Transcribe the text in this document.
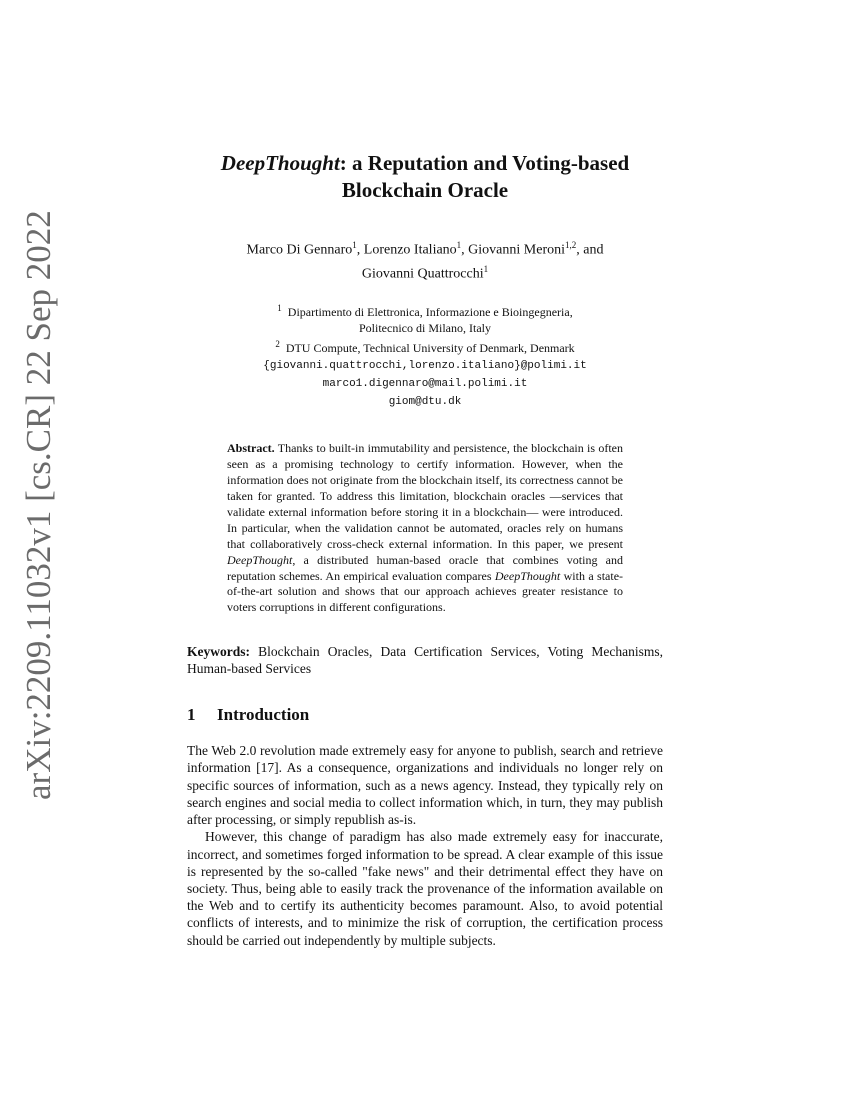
arXiv:2209.11032v1 [cs.CR] 22 Sep 2022
DeepThought: a Reputation and Voting-based
Blockchain Oracle
Marco Di Gennaro$^1$, Lorenzo Italiano$^1$, Giovanni Meroni$^{1,2}$, and
Giovanni Quattrocchi$^1$
$^1$ Dipartimento di Elettronica, Informazione e Bioingegneria,
Politecnico di Milano, Italy
$^2$ DTU Compute, Technical University of Denmark, Denmark
{giovanni.quattrocchi,lorenzo.italiano}@polimi.it
marco1.digennaro@mail.polimi.it
giom@dtu.dk
Abstract. Thanks to built-in immutability and persistence, the blockchain is often seen as a promising technology to certify information. However, when the information does not originate from the blockchain itself, its correctness cannot be taken for granted. To address this limitation, blockchain oracles —services that validate external information before storing it in a blockchain— were introduced. In particular, when the validation cannot be automated, oracles rely on humans that collaboratively cross-check external information. In this paper, we present DeepThought, a distributed human-based oracle that combines voting and reputation schemes. An empirical evaluation compares DeepThought with a state-of-the-art solution and shows that our approach achieves greater resistance to voters corruptions in different configurations.
Keywords: Blockchain Oracles, Data Certification Services, Voting Mechanisms, Human-based Services
1 Introduction

The Web 2.0 revolution made extremely easy for anyone to publish, search and retrieve information [17]. As a consequence, organizations and individuals no longer rely on specific sources of information, such as a news agency. Instead, they typically rely on search engines and social media to collect information which, in turn, they may publish after processing, or simply republish as-is.

However, this change of paradigm has also made extremely easy for inaccurate, incorrect, and sometimes forged information to be spread. A clear example of this issue is represented by the so-called "fake news" and their detrimental effect they have on society. Thus, being able to easily track the provenance of the information available on the Web and to certify its authenticity becomes paramount. Also, to avoid potential conflicts of interests, and to minimize the risk of corruption, the certification process should be carried out independently by multiple subjects.
